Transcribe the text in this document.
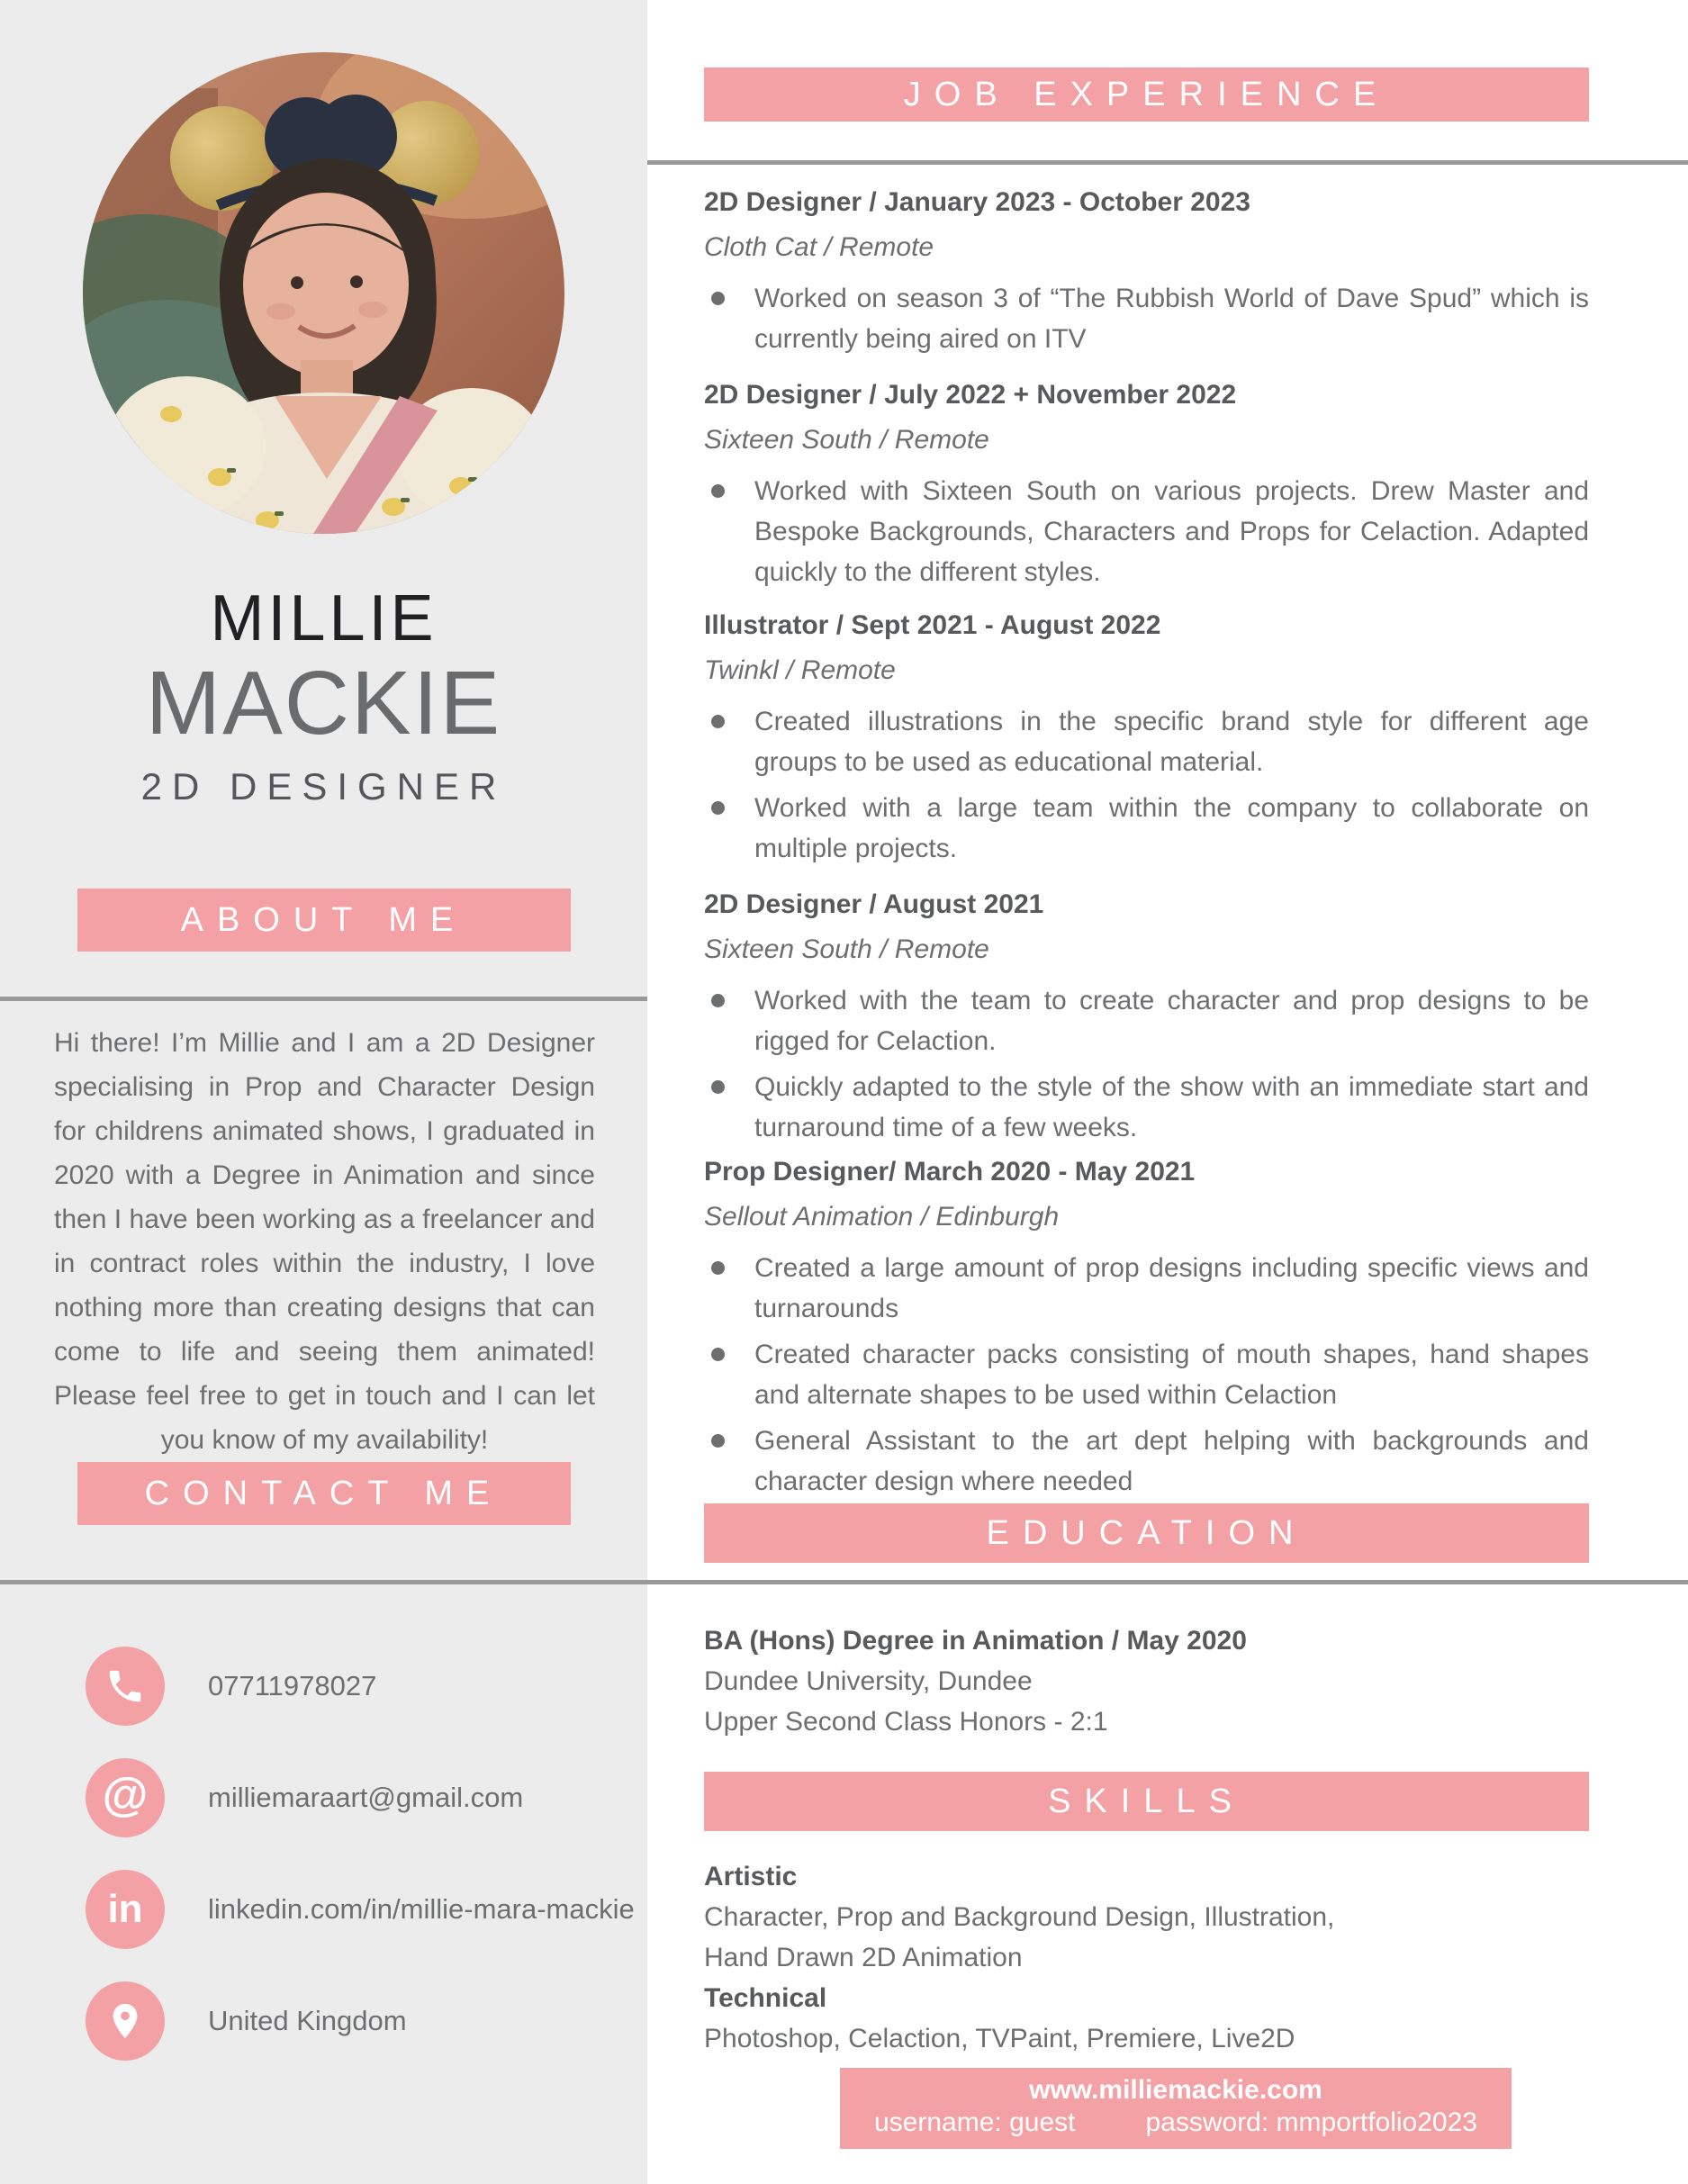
MILLIE
MACKIE
2D DESIGNER
ABOUT ME

Hi there! I’m Millie and I am a 2D Designer specialising in Prop and Character Design for childrens animated shows, I graduated in 2020 with a Degree in Animation and since then I have been working as a freelancer and in contract roles within the industry, I love nothing more than creating designs that can come to life and seeing them animated! Please feel free to get in touch and I can let you know of my availability!

CONTACT ME
07711978027
@	milliemaraart@gmail.com
in	linkedin.com/in/millie-mara-mackie
United Kingdom
JOB EXPERIENCE
2D Designer / January 2023 - October 2023
Cloth Cat / Remote
Worked on season 3 of “The Rubbish World of Dave Spud” which is currently being aired on ITV
2D Designer / July 2022 + November 2022
Sixteen South / Remote
Worked with Sixteen South on various projects. Drew Master and Bespoke Backgrounds, Characters and Props for Celaction. Adapted quickly to the different styles.
Illustrator / Sept 2021 - August 2022
Twinkl / Remote
Created illustrations in the specific brand style for different age groups to be used as educational material.
Worked with a large team within the company to collaborate on multiple projects.
2D Designer / August 2021
Sixteen South / Remote
Worked with the team to create character and prop designs to be rigged for Celaction.
Quickly adapted to the style of the show with an immediate start and turnaround time of a few weeks.
Prop Designer/ March 2020 - May 2021
Sellout Animation / Edinburgh
Created a large amount of prop designs including specific views and turnarounds
Created character packs consisting of mouth shapes, hand shapes and alternate shapes to be used within Celaction
General Assistant to the art dept helping with backgrounds and character design where needed
EDUCATION
BA (Hons) Degree in Animation / May 2020
Dundee University, Dundee
Upper Second Class Honors - 2:1
SKILLS
Artistic
Character, Prop and Background Design, Illustration,
Hand Drawn 2D Animation
Technical
Photoshop, Celaction, TVPaint, Premiere, Live2D
www.milliemackie.com
username: guest	password: mmportfolio2023
